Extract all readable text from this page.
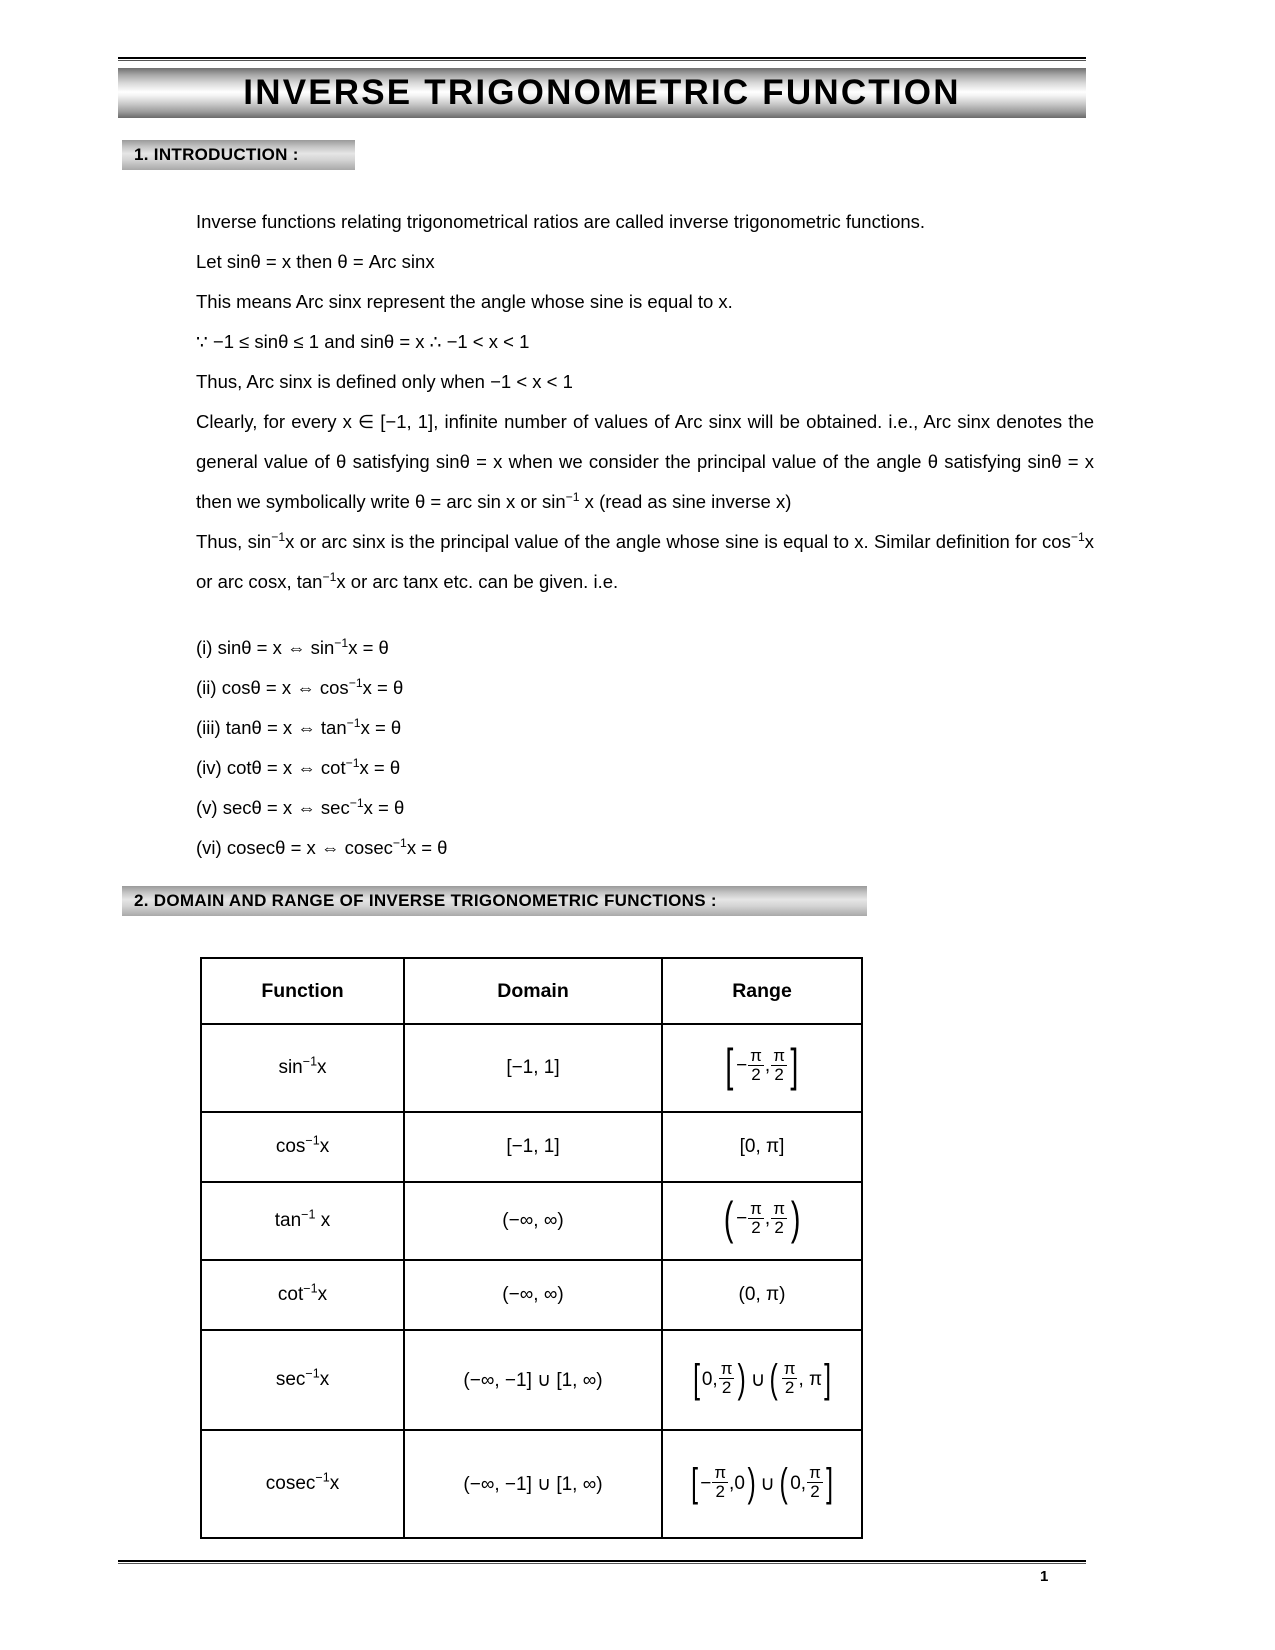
INVERSE TRIGONOMETRIC FUNCTION
1. INTRODUCTION :

Inverse functions relating trigonometrical ratios are called inverse trigonometric functions.

Let sinθ = x then θ = Arc sinx

This means Arc sinx represent the angle whose sine is equal to x.

∵ −1 ≤ sinθ ≤ 1 and sinθ = x ∴ −1 < x < 1

Thus, Arc sinx is defined only when −1 < x < 1

Clearly, for every x ∈ [−1, 1], infinite number of values of Arc sinx will be obtained. i.e., Arc sinx denotes the general value of θ satisfying sinθ = x when we consider the principal value of the angle θ satisfying sinθ = x then we symbolically write θ = arc sin x or $\sin^{-1} x$ (read as sine inverse x)

Thus, $\sin^{-1}x$ or arc sinx is the principal value of the angle whose sine is equal to x. Similar definition for $\cos^{-1}x$ or arc cosx, $\tan^{-1}x$ or arc tanx etc. can be given. i.e.

(i) sinθ = x ⇔ $\sin^{-1}x = \theta$
(ii) cosθ = x ⇔ $\cos^{-1}x = \theta$
(iii) tanθ = x ⇔ $\tan^{-1}x = \theta$
(iv) cotθ = x ⇔ $\cot^{-1}x = \theta$
(v) secθ = x ⇔ $\sec^{-1}x = \theta$
(vi) cosecθ = x ⇔ cosec$^{-1}$x = θ
2. DOMAIN AND RANGE OF INVERSE TRIGONOMETRIC FUNCTIONS :
Function	Domain	Range
$\sin^{-1}x$	[−1, 1]	[ − $\frac{\pi}{2}$ , $\frac{\pi}{2}$ ]

$\cos^{-1}x$	[−1, 1]	[0, π]
$\tan^{-1} x$	(−∞, ∞)	( − $\frac{\pi}{2}$ , $\frac{\pi}{2}$ )

$\cot^{-1}x$	(−∞, ∞)	(0, π)
$\sec^{-1}x$	(−∞, −1] ∪ [1, ∞)	[ 0, $\frac{\pi}{2}$ ) ∪ ( $\frac{\pi}{2}$ , π ]

cosec$^{-1}$x	(−∞, −1] ∪ [1, ∞)	[ − $\frac{\pi}{2} ,0$ ) ∪ ( 0, $\frac{\pi}{2}$ ]
1
